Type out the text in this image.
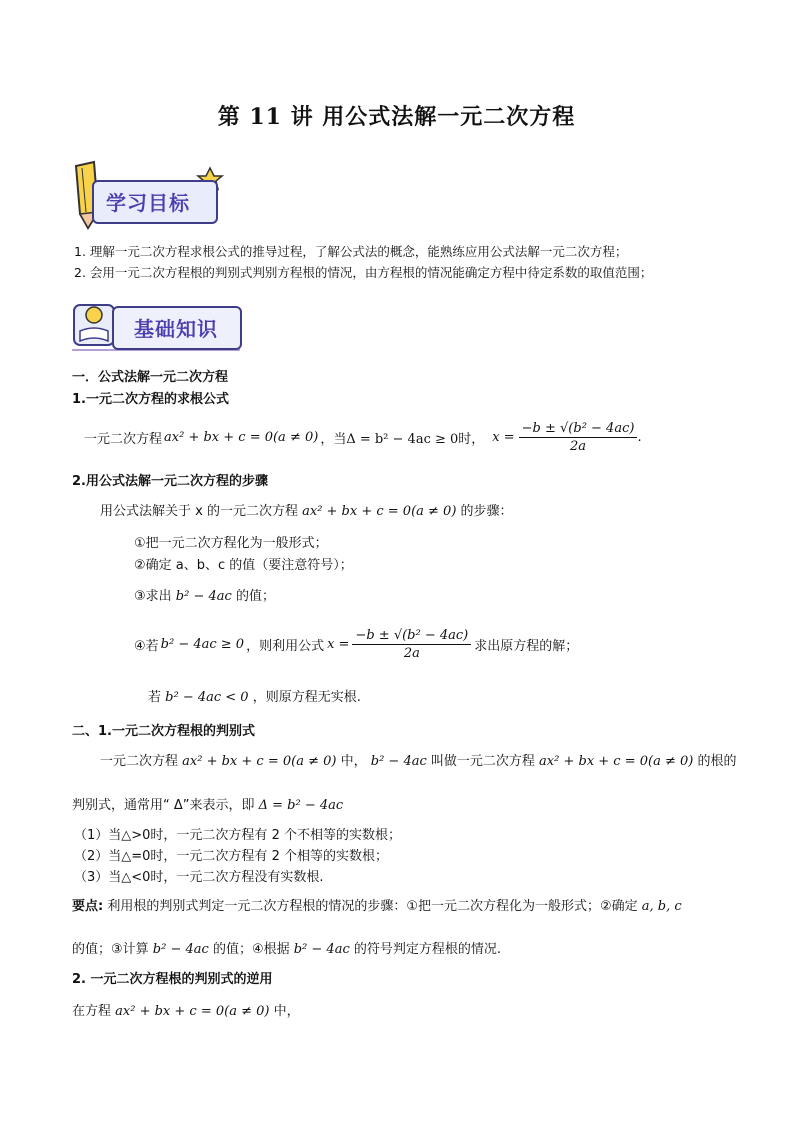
第 11 讲 用公式法解一元二次方程
学习目标
1. 理解一元二次方程求根公式的推导过程，了解公式法的概念，能熟练应用公式法解一元二次方程；
2. 会用一元二次方程根的判别式判别方程根的情况，由方程根的情况能确定方程中待定系数的取值范围；
基础知识
一．公式法解一元二次方程
1.一元二次方程的求根公式
一元二次方程 ax² + bx + c = 0(a ≠ 0) ，当Δ = b² − 4ac ≥ 0时， $x = \frac{\text{−b ± √(b² − 4ac)}}{2a}$ .
2.用公式法解一元二次方程的步骤
用公式法解关于 x 的一元二次方程 ax² + bx + c = 0(a ≠ 0) 的步骤：
①把一元二次方程化为一般形式；
②确定 a、b、c 的值（要注意符号）；
③求出 b² − 4ac 的值；
④若 b² − 4ac ≥ 0 ，则利用公式 $x = \frac{\text{−b ± √(b² − 4ac)}}{2a}$ 求出原方程的解；
若 b² − 4ac < 0 ，则原方程无实根.
二、1.一元二次方程根的判别式
一元二次方程 ax² + bx + c = 0(a ≠ 0) 中， b² − 4ac 叫做一元二次方程 ax² + bx + c = 0(a ≠ 0) 的根的
判别式，通常用“ Δ”来表示，即 Δ = b² − 4ac
（1）当△>0时，一元二次方程有 2 个不相等的实数根；
（2）当△=0时，一元二次方程有 2 个相等的实数根；
（3）当△<0时，一元二次方程没有实数根.
要点: 利用根的判别式判定一元二次方程根的情况的步骤：①把一元二次方程化为一般形式；②确定 a, b, c
的值；③计算 b² − 4ac 的值；④根据 b² − 4ac 的符号判定方程根的情况.
2. 一元二次方程根的判别式的逆用
在方程 ax² + bx + c = 0(a ≠ 0) 中，
